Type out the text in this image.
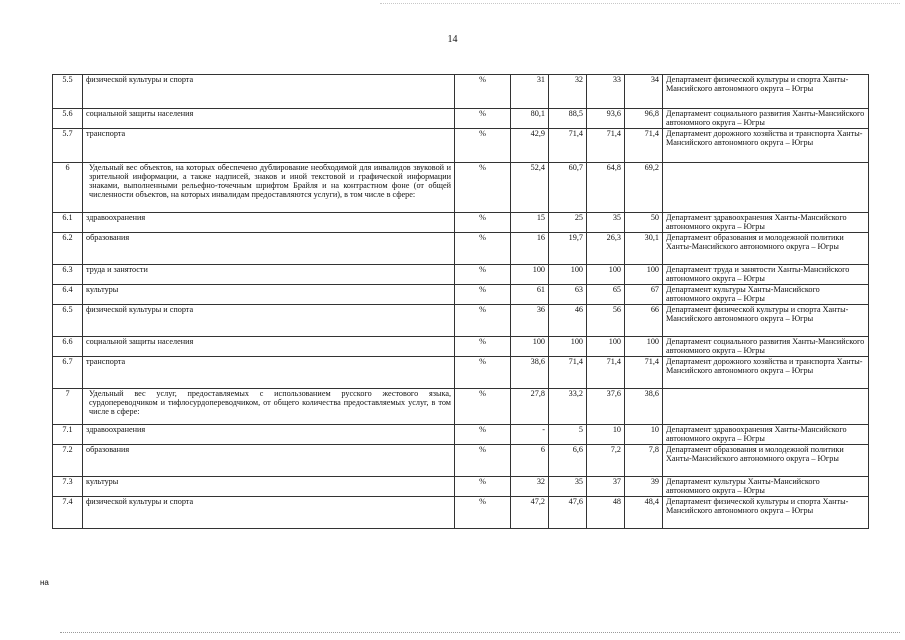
14
5.5	физической культуры и спорта	%	31	32	33	34	Департамент физической культуры и спорта Ханты-Мансийского автономного округа – Югры
5.6	социальной защиты населения	%	80,1	88,5	93,6	96,8	Департамент социального развития Ханты-Мансийского автономного округа – Югры
5.7	транспорта	%	42,9	71,4	71,4	71,4	Департамент дорожного хозяйства и транспорта Ханты-Мансийского автономного округа – Югры
6	Удельный вес объектов, на которых обеспечено дублирование необходимой для инвалидов звуковой и зрительной информации, а также надписей, знаков и иной текстовой и графической информации знаками, выполненными рельефно-точечным шрифтом Брайля и на контрастном фоне (от общей численности объектов, на которых инвалидам предоставляются услуги), в том числе в сфере:	%	52,4	60,7	64,8	69,2	
6.1	здравоохранения	%	15	25	35	50	Департамент здравоохранения Ханты-Мансийского автономного округа – Югры
6.2	образования	%	16	19,7	26,3	30,1	Департамент образования и молодежной политики Ханты-Мансийского автономного округа – Югры
6.3	труда и занятости	%	100	100	100	100	Департамент труда и занятости Ханты-Мансийского автономного округа – Югры
6.4	культуры	%	61	63	65	67	Департамент культуры Ханты-Мансийского автономного округа – Югры
6.5	физической культуры и спорта	%	36	46	56	66	Департамент физической культуры и спорта Ханты-Мансийского автономного округа – Югры
6.6	социальной защиты населения	%	100	100	100	100	Департамент социального развития Ханты-Мансийского автономного округа – Югры
6.7	транспорта	%	38,6	71,4	71,4	71,4	Департамент дорожного хозяйства и транспорта Ханты-Мансийского автономного округа – Югры
7	Удельный вес услуг, предоставляемых с использованием русского жестового языка, сурдопереводчиком и тифлосурдопереводчиком, от общего количества предоставляемых услуг, в том числе в сфере:	%	27,8	33,2	37,6	38,6	
7.1	здравоохранения	%	-	5	10	10	Департамент здравоохранения Ханты-Мансийского автономного округа – Югры
7.2	образования	%	6	6,6	7,2	7,8	Департамент образования и молодежной политики Ханты-Мансийского автономного округа – Югры
7.3	культуры	%	32	35	37	39	Департамент культуры Ханты-Мансийского автономного округа – Югры
7.4	физической культуры и спорта	%	47,2	47,6	48	48,4	Департамент физической культуры и спорта Ханты-Мансийского автономного округа – Югры
на
